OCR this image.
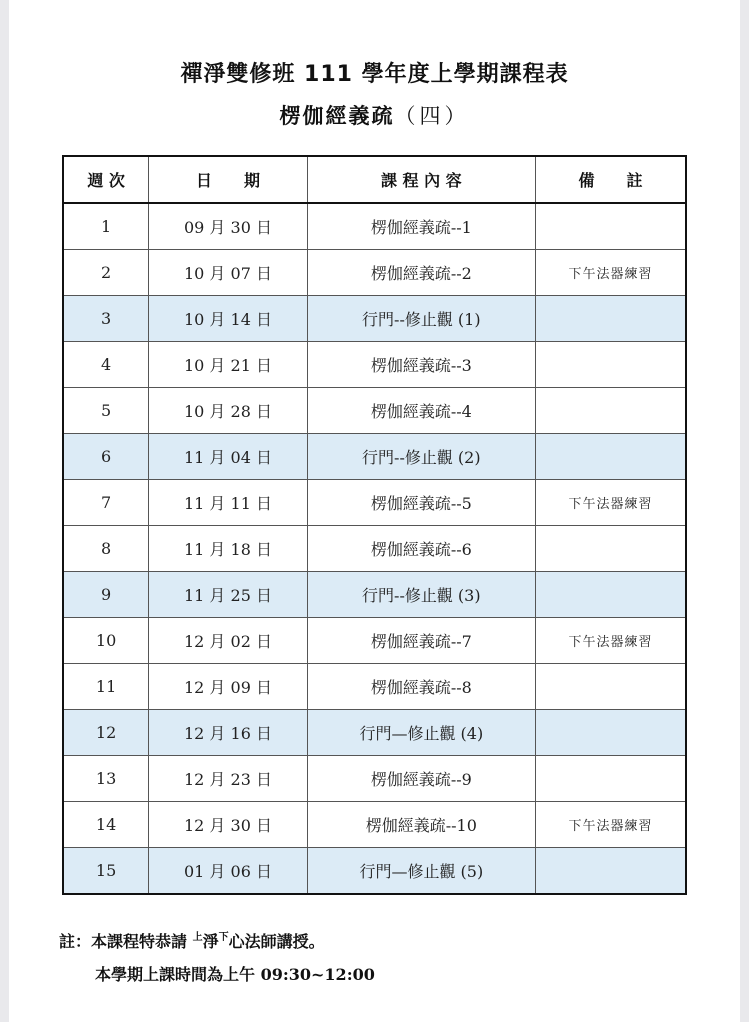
禪淨雙修班 111 學年度上學期課程表
楞伽經義疏（四）
週 次	日　　期	課 程 內 容	備　　註
1	09 月 30 日	楞伽經義疏--1	
2	10 月 07 日	楞伽經義疏--2	下午法器練習
3	10 月 14 日	行門--修止觀 (1)	
4	10 月 21 日	楞伽經義疏--3	
5	10 月 28 日	楞伽經義疏--4	
6	11 月 04 日	行門--修止觀 (2)	
7	11 月 11 日	楞伽經義疏--5	下午法器練習
8	11 月 18 日	楞伽經義疏--6	
9	11 月 25 日	行門--修止觀 (3)	
10	12 月 02 日	楞伽經義疏--7	下午法器練習
11	12 月 09 日	楞伽經義疏--8	
12	12 月 16 日	行門—修止觀 (4)	
13	12 月 23 日	楞伽經義疏--9	
14	12 月 30 日	楞伽經義疏--10	下午法器練習
15	01 月 06 日	行門—修止觀 (5)	
註：本課程特恭請 $^上$淨$^下$心法師講授。
本學期上課時間為上午 09:30~12:00
